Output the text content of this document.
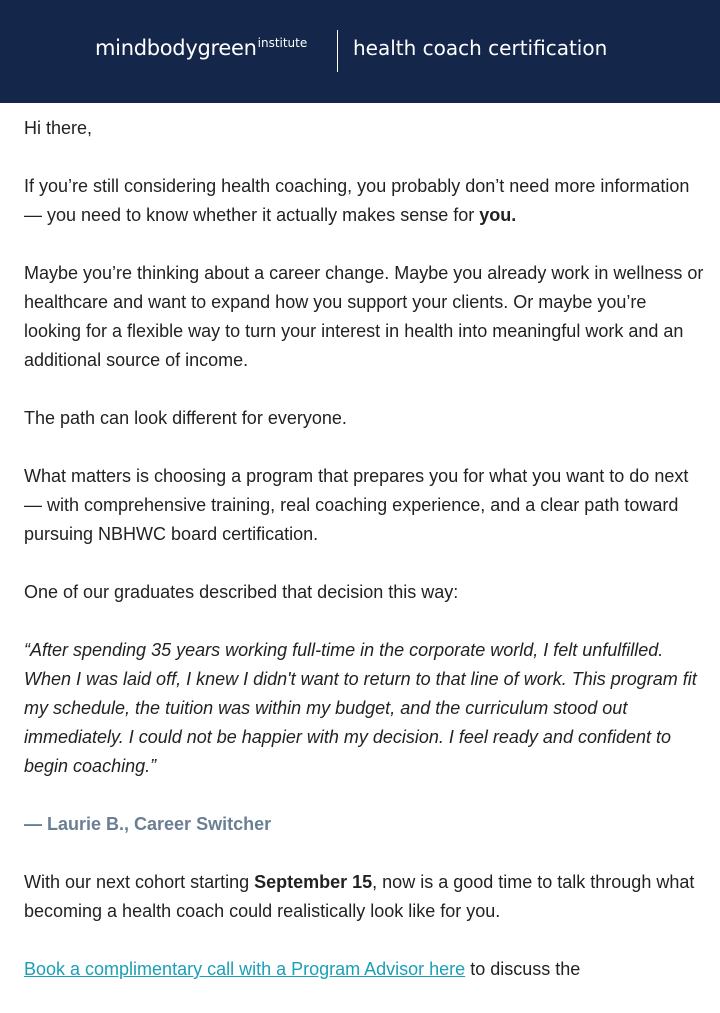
mindbodygreen$^{institute}$ health coach certification

Hi there,

If you’re still considering health coaching, you probably don’t need more information — you need to know whether it actually makes sense for you.

Maybe you’re thinking about a career change. Maybe you already work in wellness or healthcare and want to expand how you support your clients. Or maybe you’re looking for a flexible way to turn your interest in health into meaningful work and an additional source of income.

The path can look different for everyone.

What matters is choosing a program that prepares you for what you want to do next — with comprehensive training, real coaching experience, and a clear path toward pursuing NBHWC board certification.

One of our graduates described that decision this way:

“After spending 35 years working full-time in the corporate world, I felt unfulfilled. When I was laid off, I knew I didn't want to return to that line of work. This program fit my schedule, the tuition was within my budget, and the curriculum stood out immediately. I could not be happier with my decision. I feel ready and confident to begin coaching.”

— Laurie B., Career Switcher

With our next cohort starting September 15, now is a good time to talk through what becoming a health coach could realistically look like for you.

Book a complimentary call with a Program Advisor here to discuss the
